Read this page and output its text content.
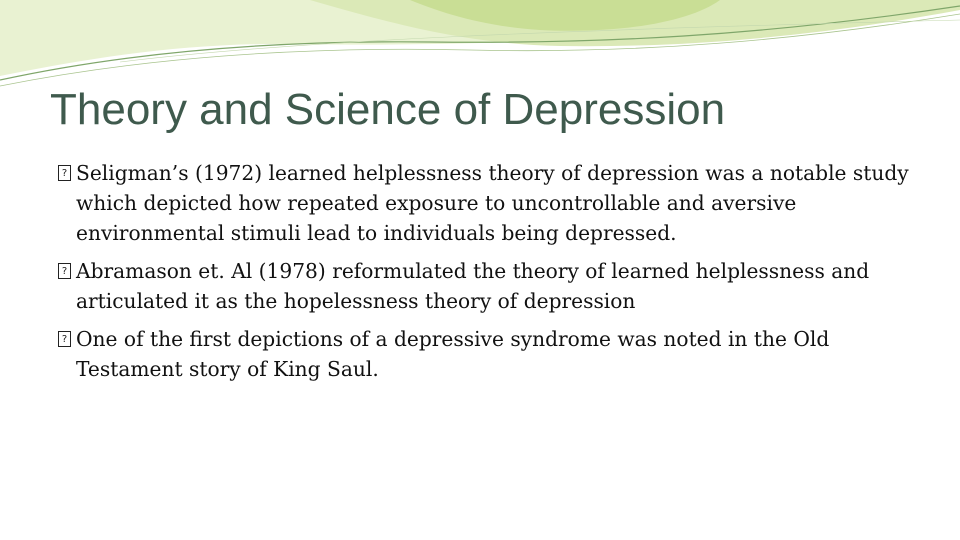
Theory and Science of Depression
?
Seligman’s (1972) learned helplessness theory of depression was a notable study which depicted how repeated exposure to uncontrollable and aversive environmental stimuli lead to individuals being depressed.
?
Abramason et. Al (1978) reformulated the theory of learned helplessness and articulated it as the hopelessness theory of depression
?
One of the first depictions of a depressive syndrome was noted in the Old Testament story of King Saul.
